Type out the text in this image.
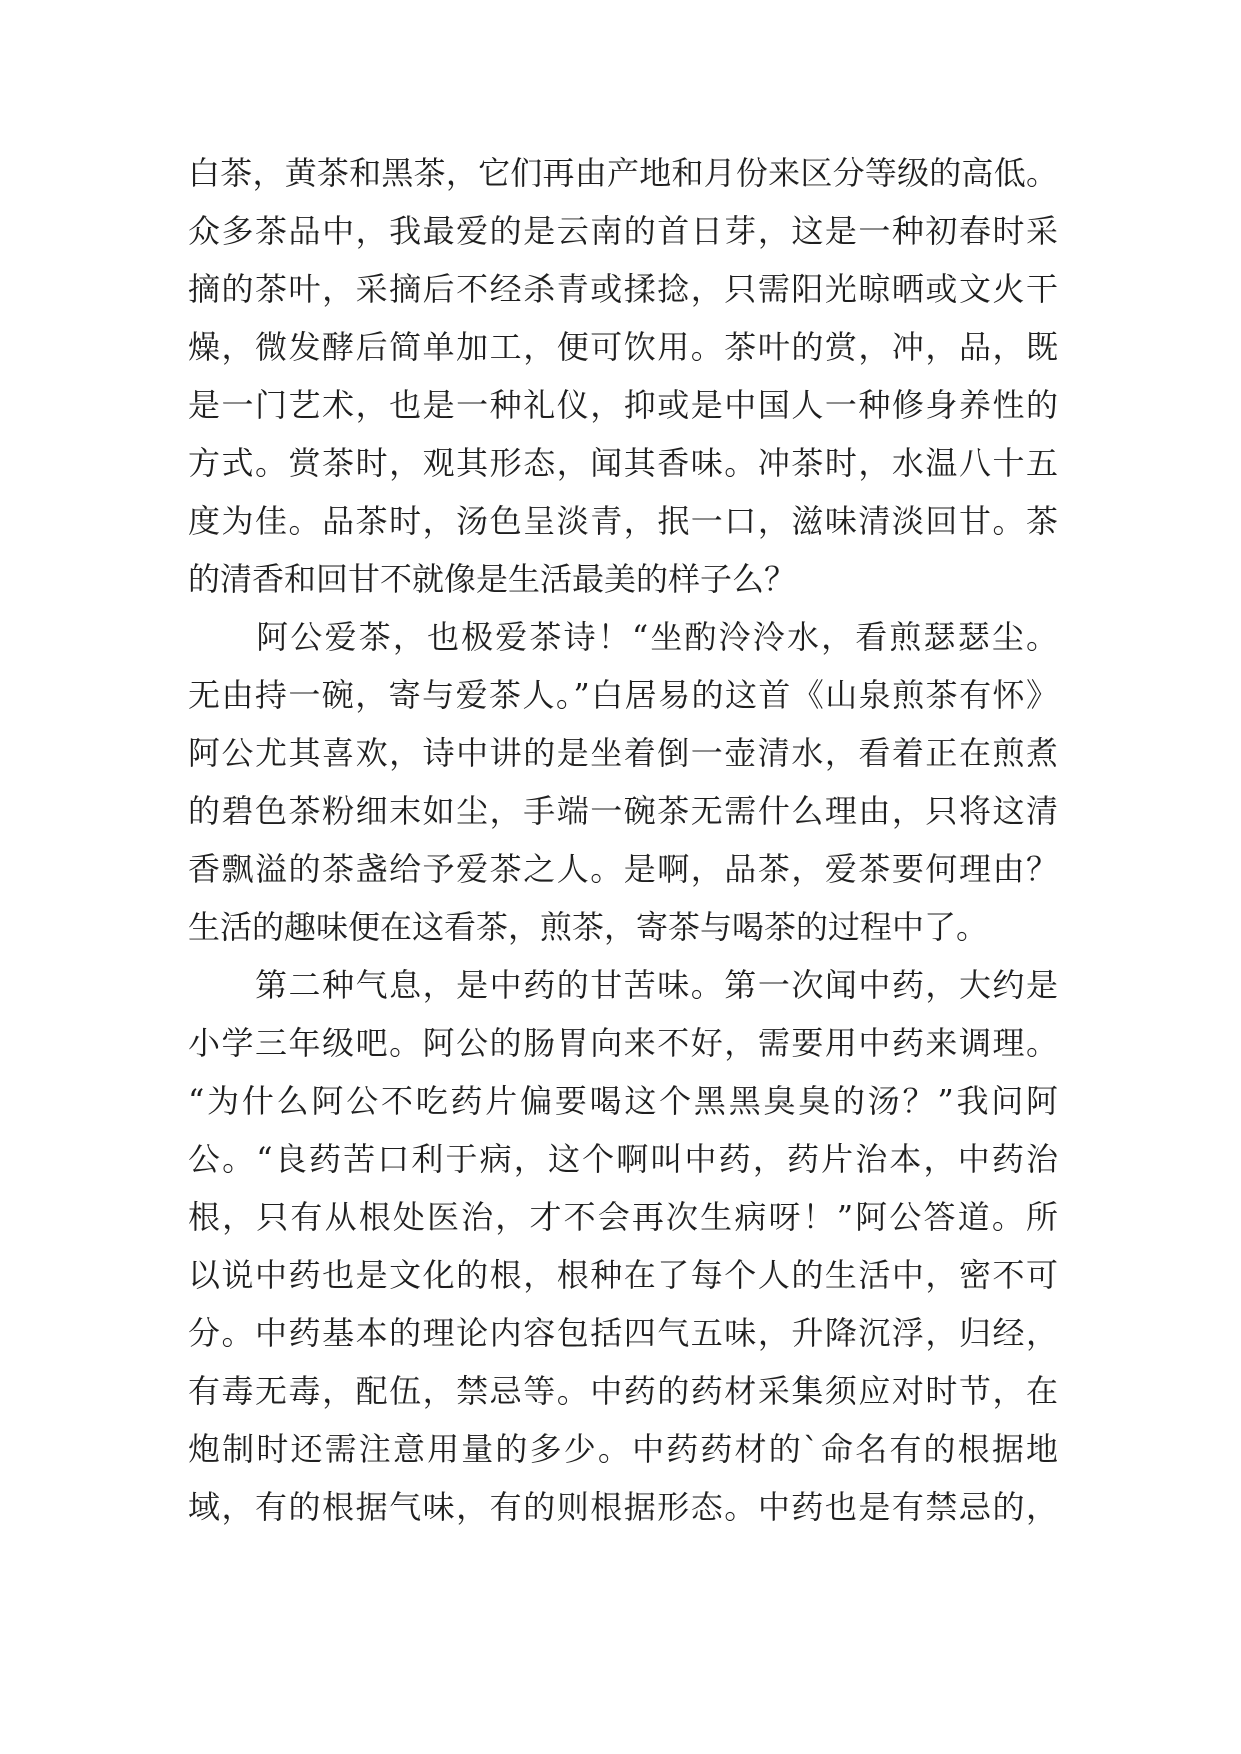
白茶，黄茶和黑茶，它们再由产地和月份来区分等级的高低。
众多茶品中，我最爱的是云南的首日芽，这是一种初春时采
摘的茶叶，采摘后不经杀青或揉捻，只需阳光晾晒或文火干
燥，微发酵后简单加工，便可饮用。茶叶的赏，冲，品，既
是一门艺术，也是一种礼仪，抑或是中国人一种修身养性的
方式。赏茶时，观其形态，闻其香味。冲茶时，水温八十五
度为佳。品茶时，汤色呈淡青，抿一口，滋味清淡回甘。茶
的清香和回甘不就像是生活最美的样子么？
　　阿公爱茶，也极爱茶诗！“坐酌泠泠水，看煎瑟瑟尘。
无由持一碗，寄与爱茶人。”白居易的这首《山泉煎茶有怀》
阿公尤其喜欢，诗中讲的是坐着倒一壶清水，看着正在煎煮
的碧色茶粉细末如尘，手端一碗茶无需什么理由，只将这清
香飘溢的茶盏给予爱茶之人。是啊，品茶，爱茶要何理由？
生活的趣味便在这看茶，煎茶，寄茶与喝茶的过程中了。
　　第二种气息，是中药的甘苦味。第一次闻中药，大约是
小学三年级吧。阿公的肠胃向来不好，需要用中药来调理。
“为什么阿公不吃药片偏要喝这个黑黑臭臭的汤？”我问阿
公。“良药苦口利于病，这个啊叫中药，药片治本，中药治
根，只有从根处医治，才不会再次生病呀！”阿公答道。所
以说中药也是文化的根，根种在了每个人的生活中，密不可
分。中药基本的理论内容包括四气五味，升降沉浮，归经，
有毒无毒，配伍，禁忌等。中药的药材采集须应对时节，在
炮制时还需注意用量的多少。中药药材的`命名有的根据地
域，有的根据气味，有的则根据形态。中药也是有禁忌的，
